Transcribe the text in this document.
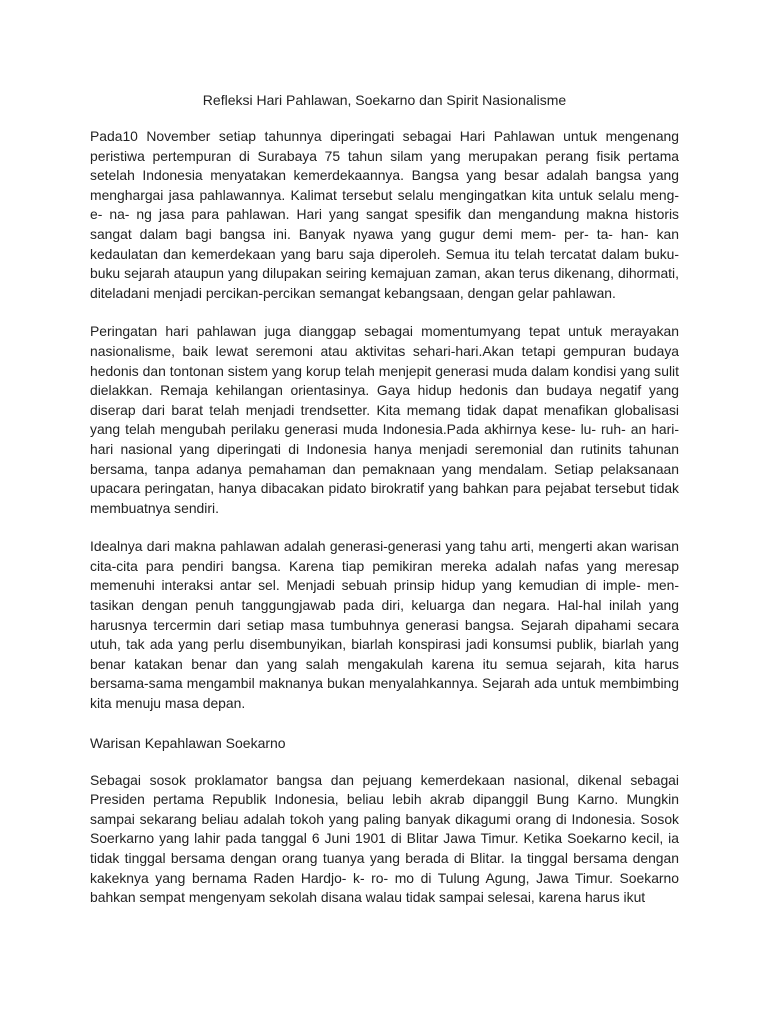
Refleksi Hari Pahlawan, Soekarno dan Spirit Nasionalisme

Pada10 November setiap tahunnya diperingati sebagai Hari Pahlawan untuk mengenang peristiwa pertempuran di Surabaya 75 tahun silam yang merupakan perang fisik pertama setelah Indonesia menyatakan kemerdekaannya. Bangsa yang besar adalah bangsa yang menghargai jasa pahlawannya. Kalimat tersebut selalu mengingatkan kita untuk selalu meng- e- na- ng jasa para pahlawan. Hari yang sangat spesifik dan mengandung makna historis sangat dalam bagi bangsa ini. Banyak nyawa yang gugur demi mem- per- ta- han- kan kedaulatan dan kemerdekaan yang baru saja diperoleh. Semua itu telah tercatat dalam buku-buku sejarah ataupun yang dilupakan seiring kemajuan zaman, akan terus dikenang, dihormati, diteladani menjadi percikan-percikan semangat kebangsaan, dengan gelar pahlawan.

Peringatan hari pahlawan juga dianggap sebagai momentumyang tepat untuk merayakan nasionalisme, baik lewat seremoni atau aktivitas sehari-hari.Akan tetapi gempuran budaya hedonis dan tontonan sistem yang korup telah menjepit generasi muda dalam kondisi yang sulit dielakkan. Remaja kehilangan orientasinya. Gaya hidup hedonis dan budaya negatif yang diserap dari barat telah menjadi trendsetter. Kita memang tidak dapat menafikan globalisasi yang telah mengubah perilaku generasi muda Indonesia.Pada akhirnya kese- lu- ruh- an hari-hari nasional yang diperingati di Indonesia hanya menjadi seremonial dan rutinits tahunan bersama, tanpa adanya pemahaman dan pemaknaan yang mendalam. Setiap pelaksanaan upacara peringatan, hanya dibacakan pidato birokratif yang bahkan para pejabat tersebut tidak membuatnya sendiri.

Idealnya dari makna pahlawan adalah generasi-generasi yang tahu arti, mengerti akan warisan cita-cita para pendiri bangsa. Karena tiap pemikiran mereka adalah nafas yang meresap memenuhi interaksi antar sel. Menjadi sebuah prinsip hidup yang kemudian di imple- men- tasikan dengan penuh tanggungjawab pada diri, keluarga dan negara. Hal-hal inilah yang harusnya tercermin dari setiap masa tumbuhnya generasi bangsa. Sejarah dipahami secara utuh, tak ada yang perlu disembunyikan, biarlah konspirasi jadi konsumsi publik, biarlah yang benar katakan benar dan yang salah mengakulah karena itu semua sejarah, kita harus bersama-sama mengambil maknanya bukan menyalahkannya. Sejarah ada untuk membimbing kita menuju masa depan.

Warisan Kepahlawan Soekarno

Sebagai sosok proklamator bangsa dan pejuang kemerdekaan nasional, dikenal sebagai Presiden pertama Republik Indonesia, beliau lebih akrab dipanggil Bung Karno. Mungkin sampai sekarang beliau adalah tokoh yang paling banyak dikagumi orang di Indonesia. Sosok Soerkarno yang lahir pada tanggal 6 Juni 1901 di Blitar Jawa Timur. Ketika Soekarno kecil, ia tidak tinggal bersama dengan orang tuanya yang berada di Blitar. Ia tinggal bersama dengan kakeknya yang bernama Raden Hardjo- k- ro- mo di Tulung Agung, Jawa Timur. Soekarno bahkan sempat mengenyam sekolah disana walau tidak sampai selesai, karena harus ikut
